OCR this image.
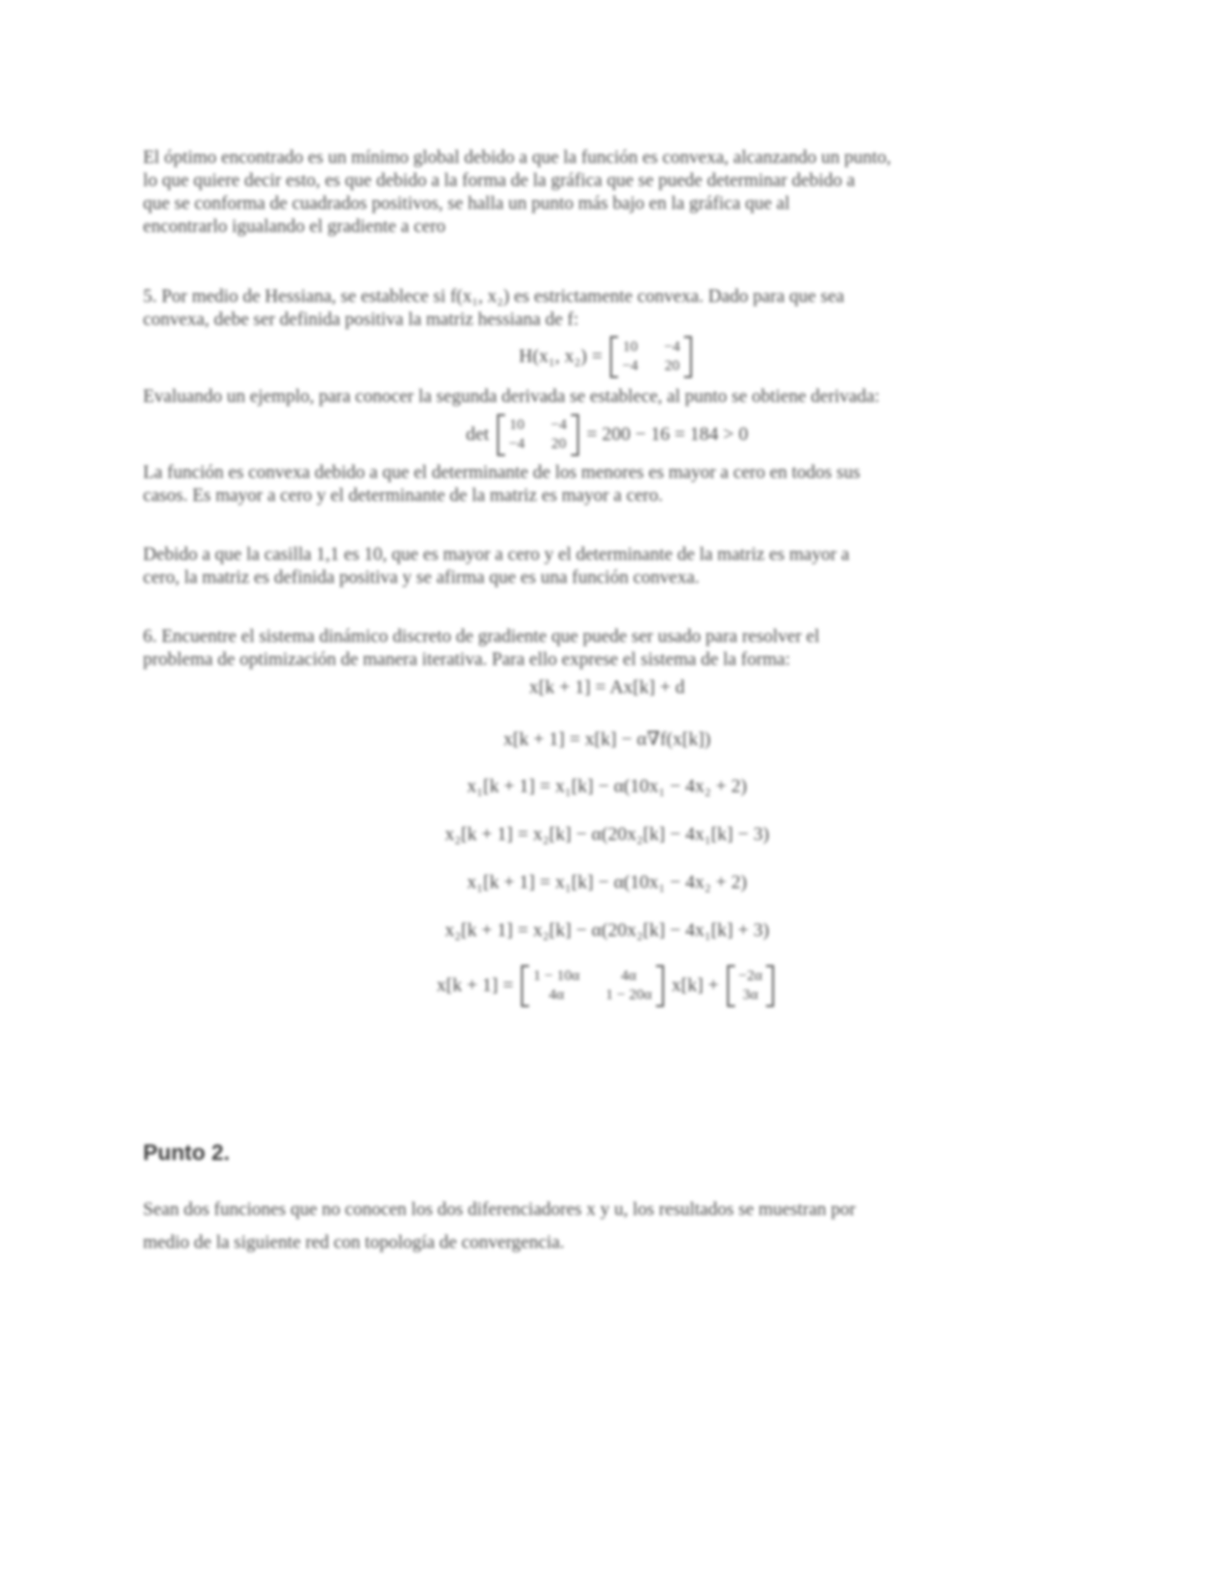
El óptimo encontrado es un mínimo global debido a que la función es convexa, alcanzando un punto,
lo que quiere decir esto, es que debido a la forma de la gráfica que se puede determinar debido a
que se conforma de cuadrados positivos, se halla un punto más bajo en la gráfica que al
encontrarlo igualando el gradiente a cero
5. Por medio de Hessiana, se establece si f(x₁, x₂) es estrictamente convexa. Dado para que sea
convexa, debe ser definida positiva la matriz hessiana de f:
H(x₁, x₂) = 10 −4
−4 20
Evaluando un ejemplo, para conocer la segunda derivada se establece, al punto se obtiene derivada:
det 10 −4
−4 20 = 200 − 16 = 184 > 0
La función es convexa debido a que el determinante de los menores es mayor a cero en todos sus
casos. Es mayor a cero y el determinante de la matriz es mayor a cero.
Debido a que la casilla 1,1 es 10, que es mayor a cero y el determinante de la matriz es mayor a
cero, la matriz es definida positiva y se afirma que es una función convexa.
6. Encuentre el sistema dinámico discreto de gradiente que puede ser usado para resolver el
problema de optimización de manera iterativa. Para ello exprese el sistema de la forma:
x[k + 1] = Ax[k] + d
x[k + 1] = x[k] − α∇f(x[k])
x₁[k + 1] = x₁[k] − α(10x₁ − 4x₂ + 2)
x₂[k + 1] = x₂[k] − α(20x₂[k] − 4x₁[k] − 3)
x₁[k + 1] = x₁[k] − α(10x₁ − 4x₂ + 2)
x₂[k + 1] = x₂[k] − α(20x₂[k] − 4x₁[k] + 3)
x[k + 1] = 1 − 10α	4α
4α	1 − 20α x[k] + −2α
3α
Punto 2.
Sean dos funciones que no conocen los dos diferenciadores x y u, los resultados se muestran por
medio de la siguiente red con topología de convergencia.
